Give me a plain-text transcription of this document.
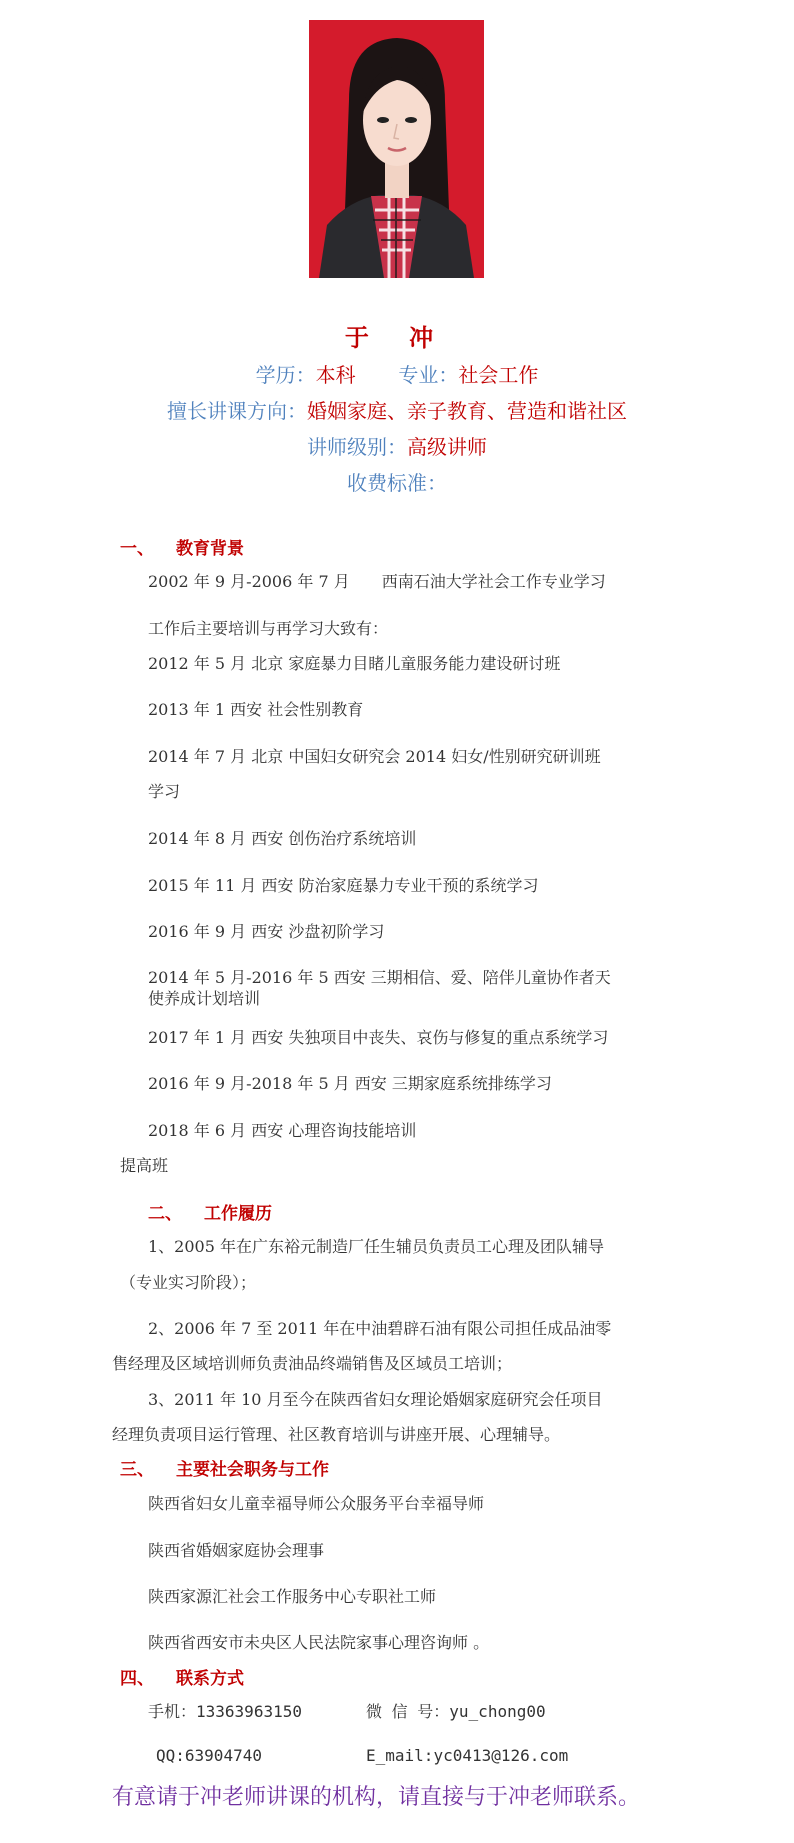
于 冲
学历：本科 专业：社会工作
擅长讲课方向：婚姻家庭、亲子教育、营造和谐社区
讲师级别：高级讲师
收费标准：
一、 教育背景
2002 年 9 月-2006 年 7 月　　西南石油大学社会工作专业学习
工作后主要培训与再学习大致有：
2012 年 5 月 北京 家庭暴力目睹儿童服务能力建设研讨班
2013 年 1 西安 社会性别教育
2014 年 7 月 北京 中国妇女研究会 2014 妇女/性别研究研训班
学习
2014 年 8 月 西安 创伤治疗系统培训
2015 年 11 月 西安 防治家庭暴力专业干预的系统学习
2016 年 9 月 西安 沙盘初阶学习
2014 年 5 月-2016 年 5 西安 三期相信、爱、陪伴儿童协作者天
使养成计划培训
2017 年 1 月 西安 失独项目中丧失、哀伤与修复的重点系统学习
2016 年 9 月-2018 年 5 月 西安 三期家庭系统排练学习
2018 年 6 月 西安 心理咨询技能培训
提高班
二、 工作履历
1、2005 年在广东裕元制造厂任生辅员负责员工心理及团队辅导
（专业实习阶段）；
2、2006 年 7 至 2011 年在中油碧辟石油有限公司担任成品油零
售经理及区域培训师负责油品终端销售及区域员工培训；
3、2011 年 10 月至今在陕西省妇女理论婚姻家庭研究会任项目
经理负责项目运行管理、社区教育培训与讲座开展、心理辅导。
三、 主要社会职务与工作
陕西省妇女儿童幸福导师公众服务平台幸福导师
陕西省婚姻家庭协会理事
陕西家源汇社会工作服务中心专职社工师
陕西省西安市未央区人民法院家事心理咨询师 。
四、 联系方式
手机：13363963150	微 信 号：yu_chong00
QQ:63904740	E_mail:yc0413@126.com
有意请于冲老师讲课的机构，请直接与于冲老师联系。
